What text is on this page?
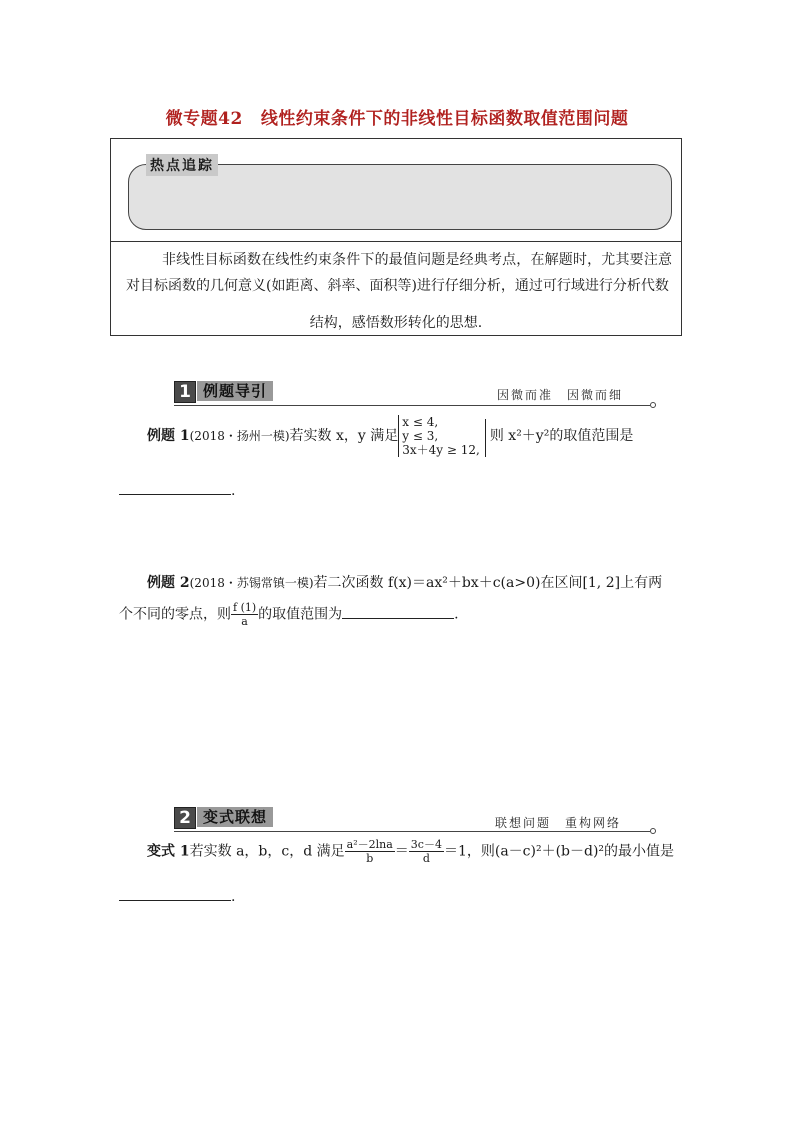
微专题42 线性约束条件下的非线性目标函数取值范围问题
热点追踪
非线性目标函数在线性约束条件下的最值问题是经典考点，在解题时，尤其要注意对目标函数的几何意义(如距离、斜率、面积等)进行仔细分析，通过可行域进行分析代数
结构，感悟数形转化的思想.
1 例题导引	因微而准　因微而细
例题 1(2018・扬州一模)若实数 x，y 满足
x ≤ 4,
y ≤ 3,
3x＋4y ≥ 12,
则 x²＋y²的取值范围是
.
例题 2(2018・苏锡常镇一模)若二次函数 f(x)＝ax²＋bx＋c(a>0)在区间[1, 2]上有两
个不同的零点，则 $\frac{f (1)}{a}$ 的取值范围为	.
2 变式联想	联想问题　重构网络
变式 1若实数 a，b，c，d 满足 $\frac{\text{a²－2lna}}{b} = \frac{3c-4}{d} =1$，则(a－c)²＋(b－d)²的最小值是
.
